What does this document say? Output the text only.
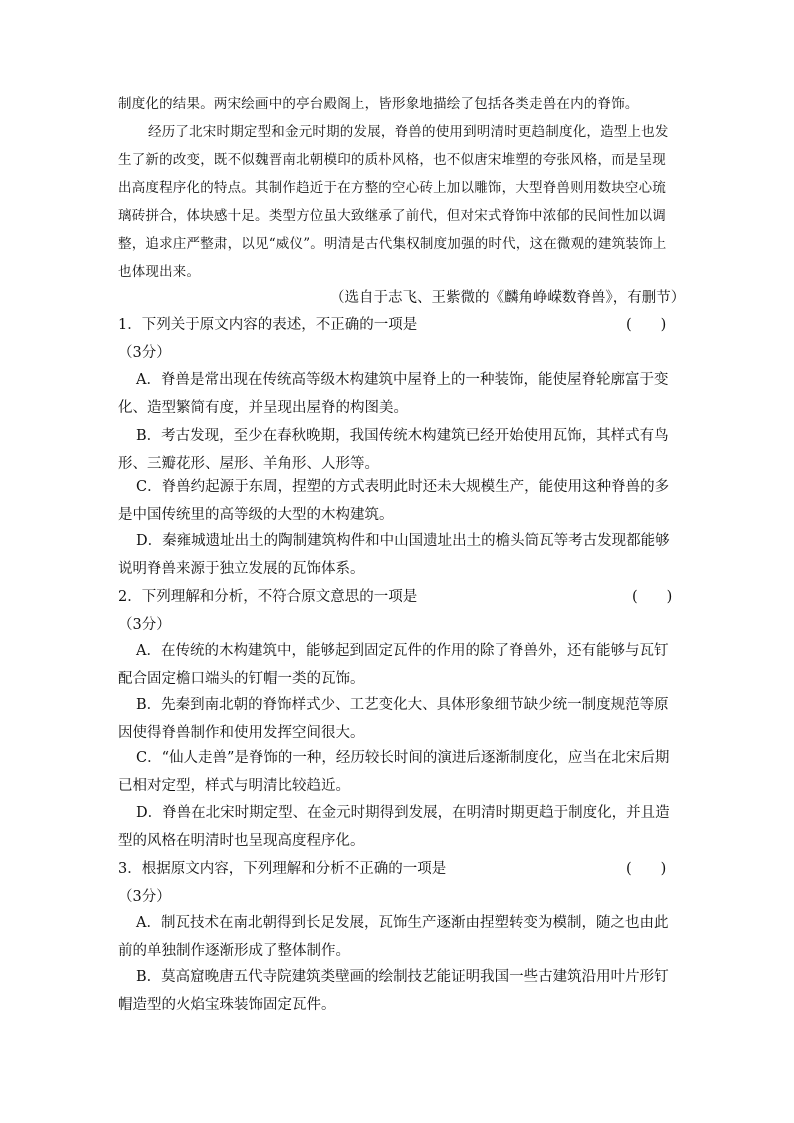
制度化的结果。两宋绘画中的亭台殿阁上，皆形象地描绘了包括各类走兽在内的脊饰。

经历了北宋时期定型和金元时期的发展，脊兽的使用到明清时更趋制度化，造型上也发生了新的改变，既不似魏晋南北朝模印的质朴风格，也不似唐宋堆塑的夸张风格，而是呈现出高度程序化的特点。其制作趋近于在方整的空心砖上加以雕饰，大型脊兽则用数块空心琉璃砖拼合，体块感十足。类型方位虽大致继承了前代，但对宋式脊饰中浓郁的民间性加以调整，追求庄严整肃，以见“威仪”。明清是古代集权制度加强的时代，这在微观的建筑装饰上也体现出来。

（选自于志飞、王紫微的《麟角峥嵘数脊兽》，有删节）
1．下列关于原文内容的表述，不正确的一项是	(　　)
（3分）

A．脊兽是常出现在传统高等级木构建筑中屋脊上的一种装饰，能使屋脊轮廓富于变化、造型繁简有度，并呈现出屋脊的构图美。

B．考古发现，至少在春秋晚期，我国传统木构建筑已经开始使用瓦饰，其样式有鸟形、三瓣花形、屋形、羊角形、人形等。

C．脊兽约起源于东周，捏塑的方式表明此时还未大规模生产，能使用这种脊兽的多是中国传统里的高等级的大型的木构建筑。

D．秦雍城遗址出土的陶制建筑构件和中山国遗址出土的檐头筒瓦等考古发现都能够说明脊兽来源于独立发展的瓦饰体系。

2．下列理解和分析，不符合原文意思的一项是	(　　)
（3分）

A．在传统的木构建筑中，能够起到固定瓦件的作用的除了脊兽外，还有能够与瓦钉配合固定檐口端头的钉帽一类的瓦饰。

B．先秦到南北朝的脊饰样式少、工艺变化大、具体形象细节缺少统一制度规范等原因使得脊兽制作和使用发挥空间很大。

C．“仙人走兽”是脊饰的一种，经历较长时间的演进后逐渐制度化，应当在北宋后期已相对定型，样式与明清比较趋近。

D．脊兽在北宋时期定型、在金元时期得到发展，在明清时期更趋于制度化，并且造型的风格在明清时也呈现高度程序化。

3．根据原文内容，下列理解和分析不正确的一项是	(　　)
（3分）

A．制瓦技术在南北朝得到长足发展，瓦饰生产逐渐由捏塑转变为模制，随之也由此前的单独制作逐渐形成了整体制作。

B．莫高窟晚唐五代寺院建筑类壁画的绘制技艺能证明我国一些古建筑沿用叶片形钉帽造型的火焰宝珠装饰固定瓦件。
